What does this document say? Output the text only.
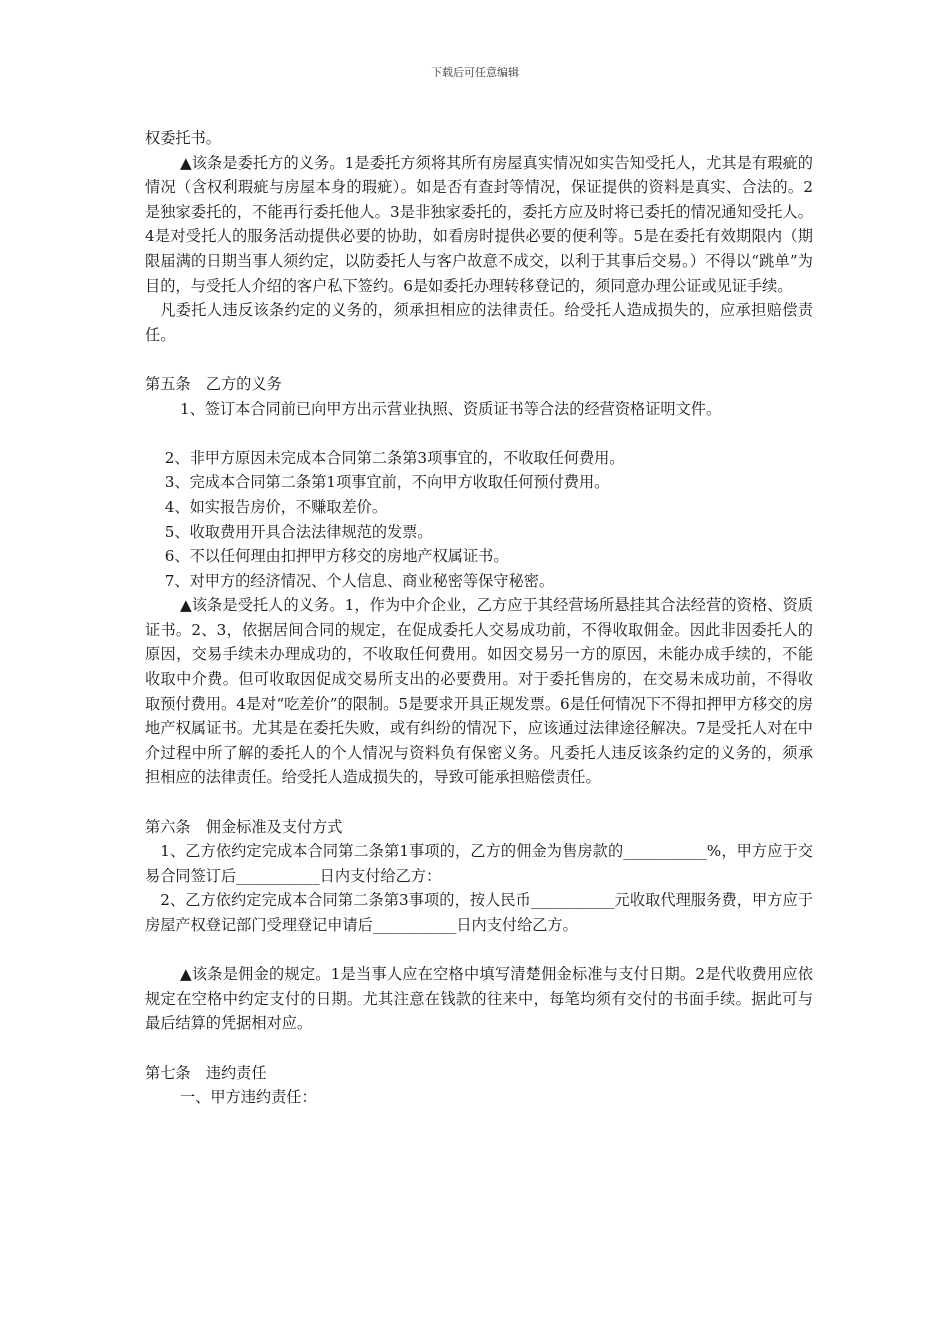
下载后可任意编辑

权委托书。

▲该条是委托方的义务。1是委托方须将其所有房屋真实情况如实告知受托人，尤其是有瑕疵的情况（含权利瑕疵与房屋本身的瑕疵）。如是否有查封等情况，保证提供的资料是真实、合法的。2是独家委托的，不能再行委托他人。3是非独家委托的，委托方应及时将已委托的情况通知受托人。4是对受托人的服务活动提供必要的协助，如看房时提供必要的便利等。5是在委托有效期限内（期限届满的日期当事人须约定，以防委托人与客户故意不成交，以利于其事后交易。）不得以“跳单”为目的，与受托人介绍的客户私下签约。6是如委托办理转移登记的，须同意办理公证或见证手续。

凡委托人违反该条约定的义务的，须承担相应的法律责任。给受托人造成损失的，应承担赔偿责任。

第五条　乙方的义务

1、签订本合同前已向甲方出示营业执照、资质证书等合法的经营资格证明文件。

2、非甲方原因未完成本合同第二条第3项事宜的，不收取任何费用。

3、完成本合同第二条第1项事宜前，不向甲方收取任何预付费用。

4、如实报告房价，不赚取差价。

5、收取费用开具合法法律规范的发票。

6、不以任何理由扣押甲方移交的房地产权属证书。

7、对甲方的经济情况、个人信息、商业秘密等保守秘密。

▲该条是受托人的义务。1，作为中介企业，乙方应于其经营场所悬挂其合法经营的资格、资质证书。2、3，依据居间合同的规定，在促成委托人交易成功前，不得收取佣金。因此非因委托人的原因，交易手续未办理成功的，不收取任何费用。如因交易另一方的原因，未能办成手续的，不能收取中介费。但可收取因促成交易所支出的必要费用。对于委托售房的，在交易未成功前，不得收取预付费用。4是对“吃差价”的限制。5是要求开具正规发票。6是任何情况下不得扣押甲方移交的房地产权属证书。尤其是在委托失败，或有纠纷的情况下，应该通过法律途径解决。7是受托人对在中介过程中所了解的委托人的个人情况与资料负有保密义务。凡委托人违反该条约定的义务的，须承担相应的法律责任。给受托人造成损失的，导致可能承担赔偿责任。

第六条　佣金标准及支付方式

1、乙方依约定完成本合同第二条第1事项的，乙方的佣金为售房款的___________%，甲方应于交易合同签订后___________日内支付给乙方：

2、乙方依约定完成本合同第二条第3事项的，按人民币___________元收取代理服务费，甲方应于房屋产权登记部门受理登记申请后___________日内支付给乙方。

▲该条是佣金的规定。1是当事人应在空格中填写清楚佣金标准与支付日期。2是代收费用应依规定在空格中约定支付的日期。尤其注意在钱款的往来中，每笔均须有交付的书面手续。据此可与最后结算的凭据相对应。

第七条　违约责任

一、甲方违约责任：
